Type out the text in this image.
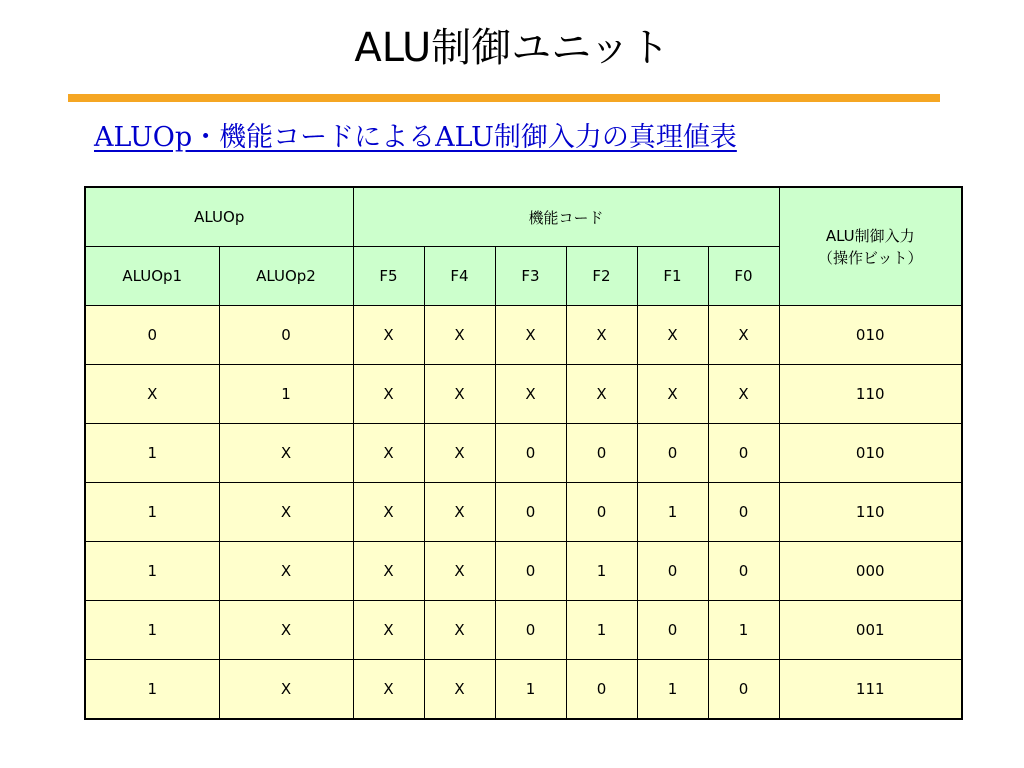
ALU制御ユニット
ALUOp・機能コードによるALU制御入力の真理値表
ALUOp		機能コード						ALU制御入力
（操作ビット）

ALUOp1	ALUOp2	F5	F4	F3	F2	F1	F0	
0	0	X	X	X	X	X	X	010
X	1	X	X	X	X	X	X	110
1	X	X	X	0	0	0	0	010
1	X	X	X	0	0	1	0	110
1	X	X	X	0	1	0	0	000
1	X	X	X	0	1	0	1	001
1	X	X	X	1	0	1	0	111
